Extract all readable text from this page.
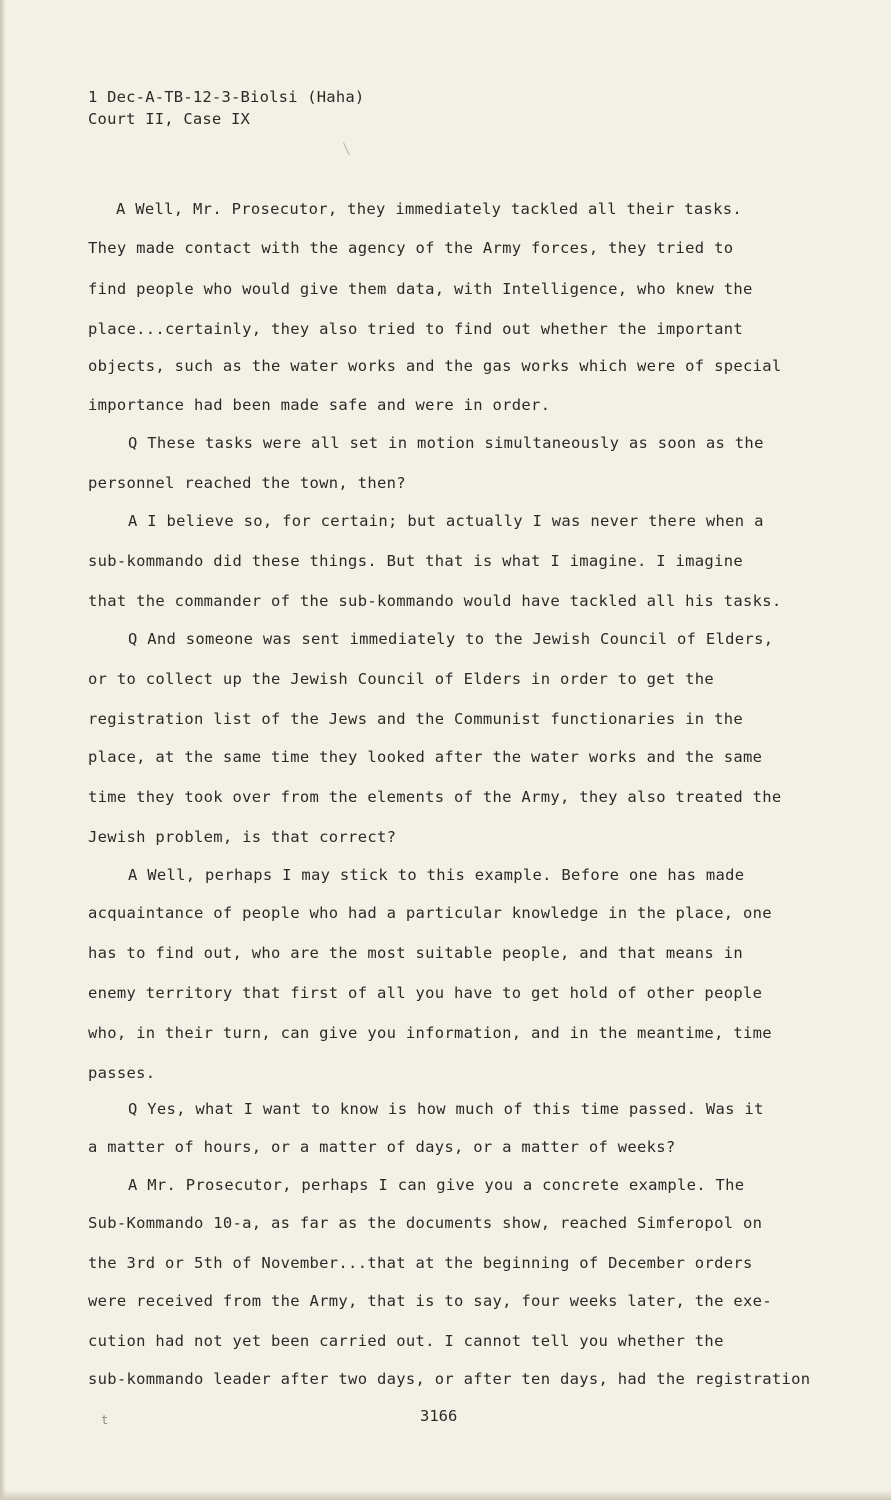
1 Dec-A-TB-12-3-Biolsi (Haha)
Court II, Case IX
A Well, Mr. Prosecutor, they immediately tackled all their tasks.
They made contact with the agency of the Army forces, they tried to
find people who would give them data, with Intelligence, who knew the
place...certainly, they also tried to find out whether the important
objects, such as the water works and the gas works which were of special
importance had been made safe and were in order.
Q These tasks were all set in motion simultaneously as soon as the
personnel reached the town, then?
A I believe so, for certain; but actually I was never there when a
sub-kommando did these things. But that is what I imagine. I imagine
that the commander of the sub-kommando would have tackled all his tasks.
Q And someone was sent immediately to the Jewish Council of Elders,
or to collect up the Jewish Council of Elders in order to get the
registration list of the Jews and the Communist functionaries in the
place, at the same time they looked after the water works and the same
time they took over from the elements of the Army, they also treated the
Jewish problem, is that correct?
A Well, perhaps I may stick to this example. Before one has made
acquaintance of people who had a particular knowledge in the place, one
has to find out, who are the most suitable people, and that means in
enemy territory that first of all you have to get hold of other people
who, in their turn, can give you information, and in the meantime, time
passes.
Q Yes, what I want to know is how much of this time passed. Was it
a matter of hours, or a matter of days, or a matter of weeks?
A Mr. Prosecutor, perhaps I can give you a concrete example. The
Sub-Kommando 10-a, as far as the documents show, reached Simferopol on
the 3rd or 5th of November...that at the beginning of December orders
were received from the Army, that is to say, four weeks later, the exe-
cution had not yet been carried out. I cannot tell you whether the
sub-kommando leader after two days, or after ten days, had the registration
t	3166
